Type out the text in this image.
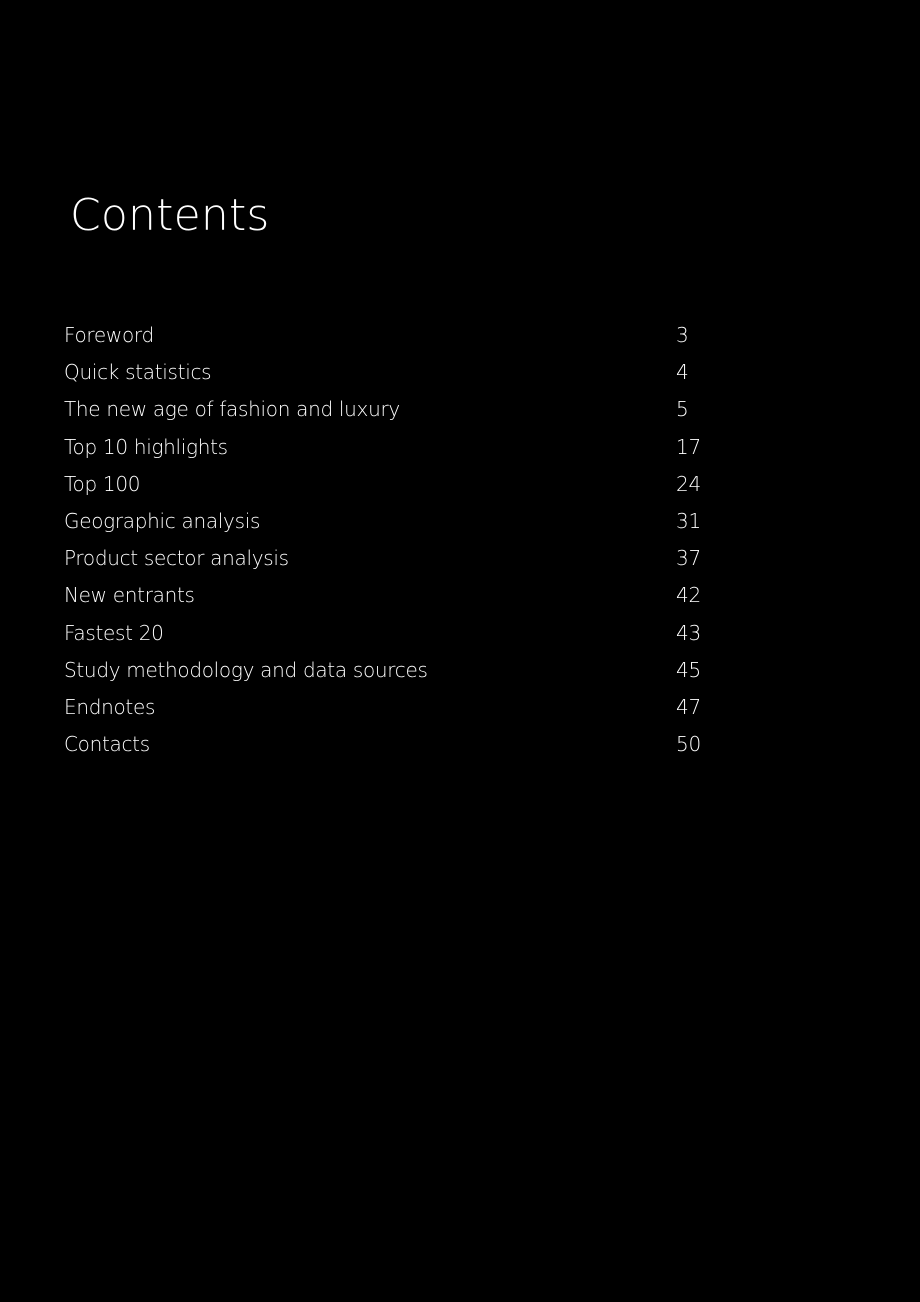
Contents
Foreword	3
Quick statistics	4
The new age of fashion and luxury	5
Top 10 highlights	17
Top 100	24
Geographic analysis	31
Product sector analysis	37
New entrants	42
Fastest 20	43
Study methodology and data sources	45
Endnotes	47
Contacts	50
